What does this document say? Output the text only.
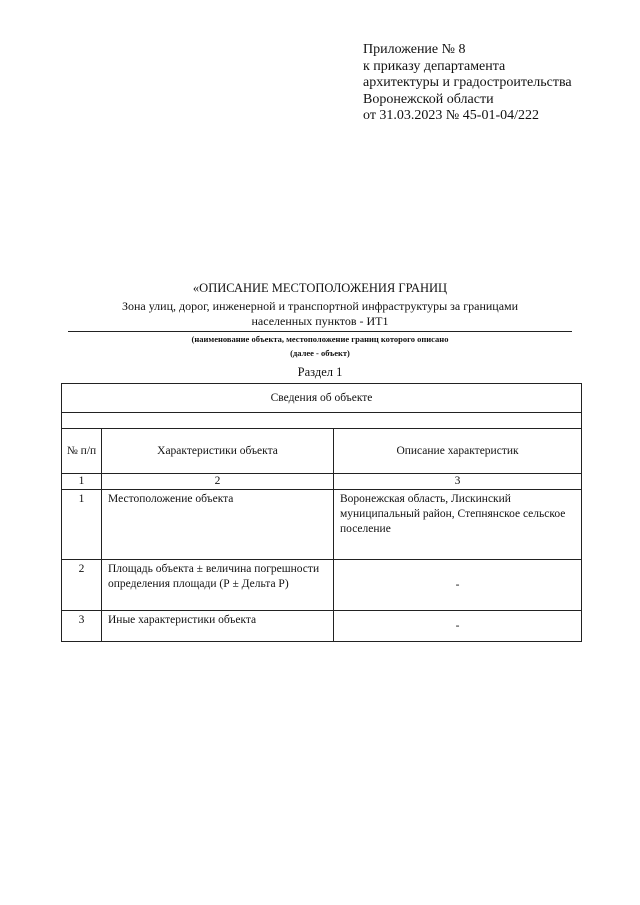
Приложение № 8
к приказу департамента
архитектуры и градостроительства
Воронежской области
от 31.03.2023 № 45-01-04/222
«ОПИСАНИЕ МЕСТОПОЛОЖЕНИЯ ГРАНИЦ
Зона улиц, дорог, инженерной и транспортной инфраструктуры за границами
населенных пунктов - ИТ1
(наименование объекта, местоположение границ которого описано
(далее - объект)
Раздел 1
Сведения об объекте		

№ п/п	Характеристики объекта	Описание характеристик
1	2	3
1	Местоположение объекта	Воронежская область, Лискинский муниципальный район, Степнянское сельское поселение
2	Площадь объекта ± величина погрешности определения площади (Р ± Дельта Р)	-
3	Иные характеристики объекта	-
